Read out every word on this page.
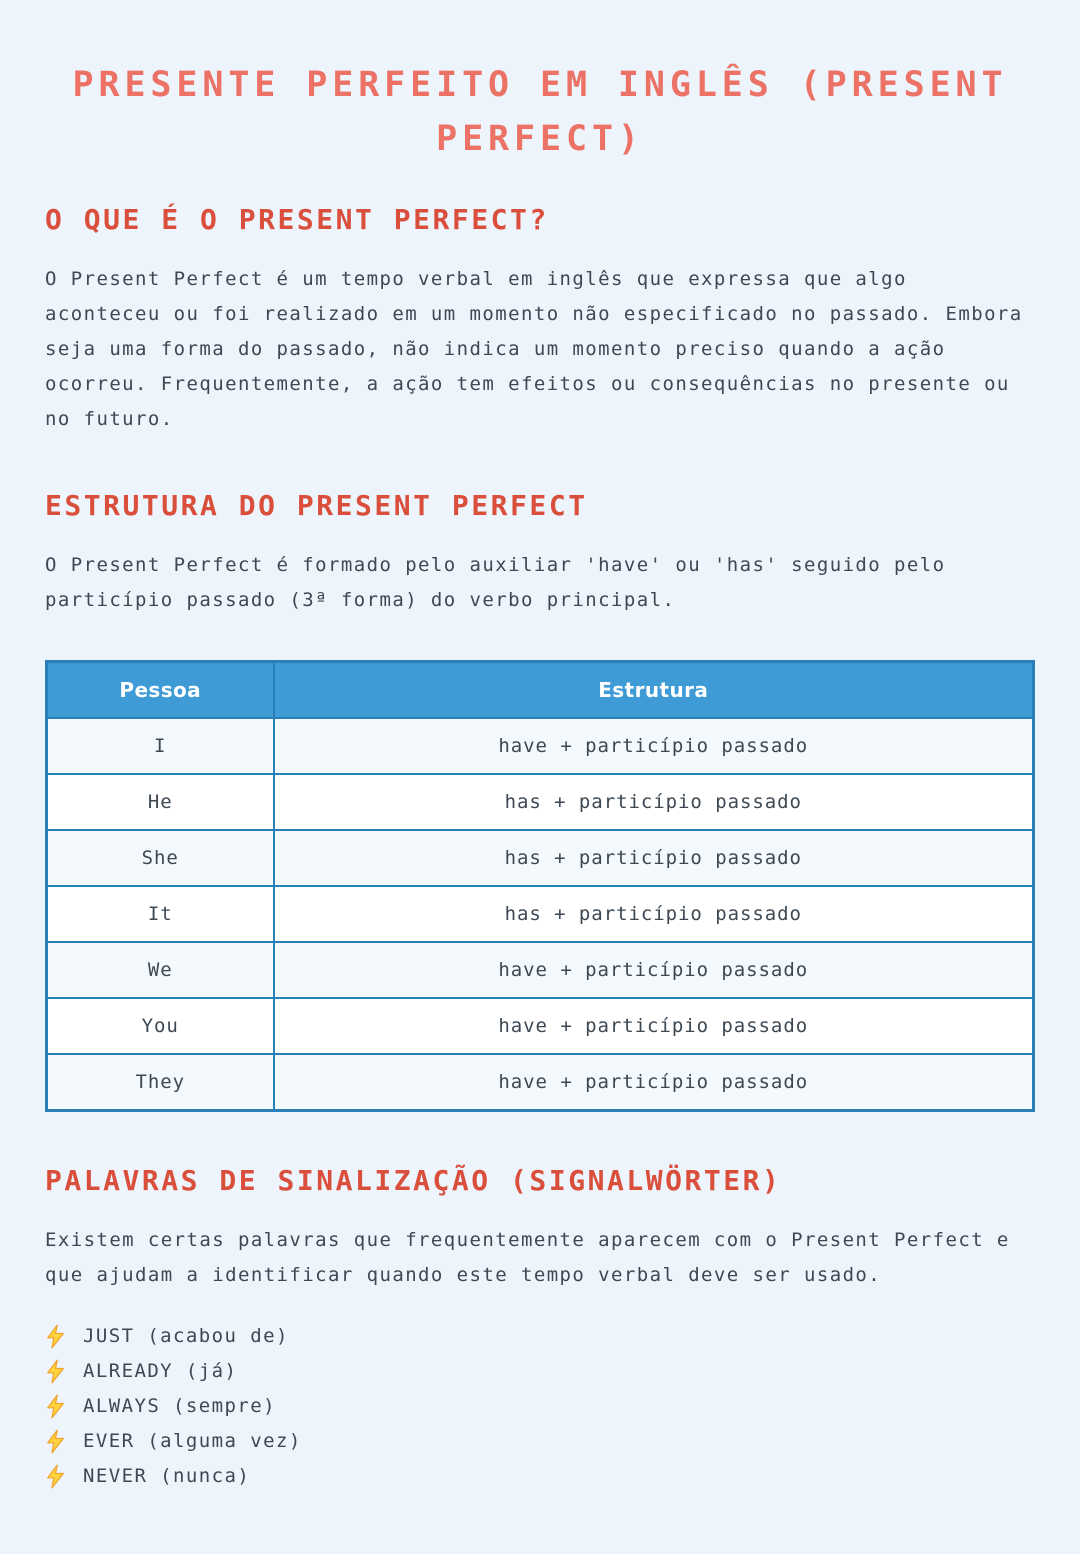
PRESENTE PERFEITO EM INGLÊS (PRESENT PERFECT)
O QUE É O PRESENT PERFECT?

O Present Perfect é um tempo verbal em inglês que expressa que algo aconteceu ou foi realizado em um momento não especificado no passado. Embora seja uma forma do passado, não indica um momento preciso quando a ação ocorreu. Frequentemente, a ação tem efeitos ou consequências no presente ou no futuro.

ESTRUTURA DO PRESENT PERFECT

O Present Perfect é formado pelo auxiliar 'have' ou 'has' seguido pelo particípio passado (3ª forma) do verbo principal.

Pessoa	Estrutura
I	have + particípio passado
He	has + particípio passado
She	has + particípio passado
It	has + particípio passado
We	have + particípio passado
You	have + particípio passado
They	have + particípio passado
PALAVRAS DE SINALIZAÇÃO (SIGNALWÖRTER)

Existem certas palavras que frequentemente aparecem com o Present Perfect e que ajudam a identificar quando este tempo verbal deve ser usado.

JUST (acabou de)
ALREADY (já)
ALWAYS (sempre)
EVER (alguma vez)
NEVER (nunca)
